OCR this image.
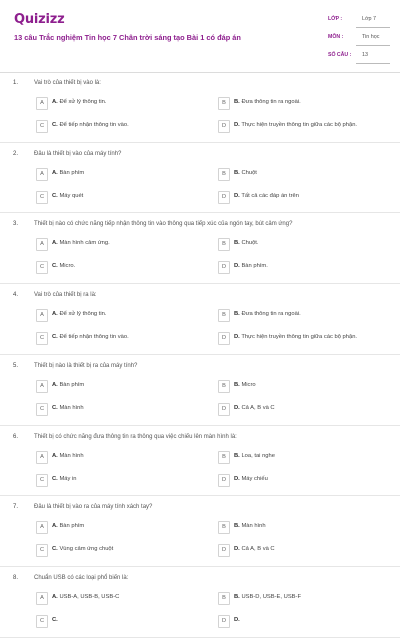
Quizizz
13 câu Trắc nghiệm Tin học 7 Chân trời sáng tạo Bài 1 có đáp án
LỚP :	Lớp 7
MÔN :	Tin học
SỐ CÂU : 13
1.	Vai trò của thiết bị vào là:
A	A. Để xử lý thông tin.	B	B. Đưa thông tin ra ngoài.
C	C. Để tiếp nhận thông tin vào.	D	D. Thực hiện truyền thông tin giữa các bộ phận.
2.	Đâu là thiết bị vào của máy tính?
A	A. Bàn phím	B	B. Chuột
C	C. Máy quét	D	D. Tất cả các đáp án trên
3.	Thiết bị nào có chức năng tiếp nhận thông tin vào thông qua tiếp xúc của ngón tay, bút cảm ứng?
A	A. Màn hình cảm ứng.	B	B. Chuột.
C	C. Micro.	D	D. Bàn phím.
4.	Vai trò của thiết bị ra là:
A	A. Để xử lý thông tin.	B	B. Đưa thông tin ra ngoài.
C	C. Để tiếp nhận thông tin vào.	D	D. Thực hiện truyền thông tin giữa các bộ phận.
5.	Thiết bị nào là thiết bị ra của máy tính?
A	A. Bàn phím	B	B. Micro
C	C. Màn hình	D	D. Cả A, B và C
6.	Thiết bị có chức năng đưa thông tin ra thông qua việc chiếu lên màn hình là:
A	A. Màn hình	B	B. Loa, tai nghe
C	C. Máy in	D	D. Máy chiếu
7.	Đâu là thiết bị vào ra của máy tính xách tay?
A	A. Bàn phím	B	B. Màn hình
C	C. Vùng cảm ứng chuột	D	D. Cả A, B và C
8.	Chuẩn USB có các loại phổ biến là:
A	A. USB-A, USB-B, USB-C	B	B. USB-D, USB-E, USB-F
C	C.	D	D.
